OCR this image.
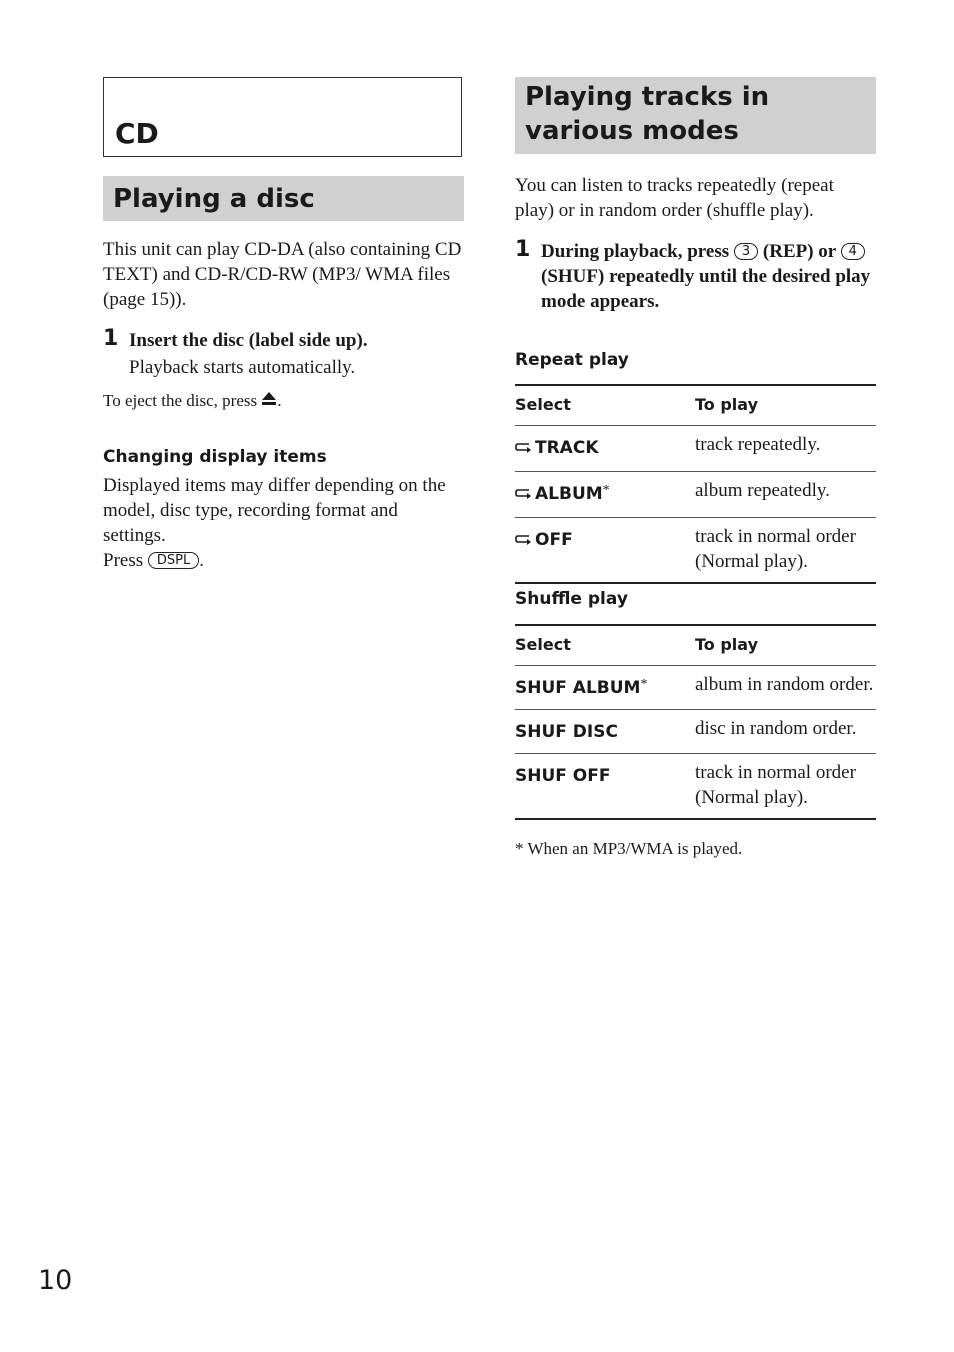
CD
Playing a disc

This unit can play CD-DA (also containing CD TEXT) and CD-R/CD-RW (MP3/ WMA files (page 15)).

1 Insert the disc (label side up).

Playback starts automatically.

To eject the disc, press .

Changing display items

Displayed items may differ depending on the model, disc type, recording format and settings.

Press DSPL .

Playing tracks in various modes

You can listen to tracks repeatedly (repeat play) or in random order (shuffle play).

1 During playback, press 3 (REP) or 4 (SHUF) repeatedly until the desired play mode appears.

Repeat play
Select	To play
TRACK	track repeatedly.
ALBUM*	album repeatedly.
OFF	track in normal order (Normal play).
Shuffle play
Select	To play
SHUF ALBUM*	album in random order.
SHUF DISC	disc in random order.
SHUF OFF	track in normal order (Normal play).

* When an MP3/WMA is played.

10
